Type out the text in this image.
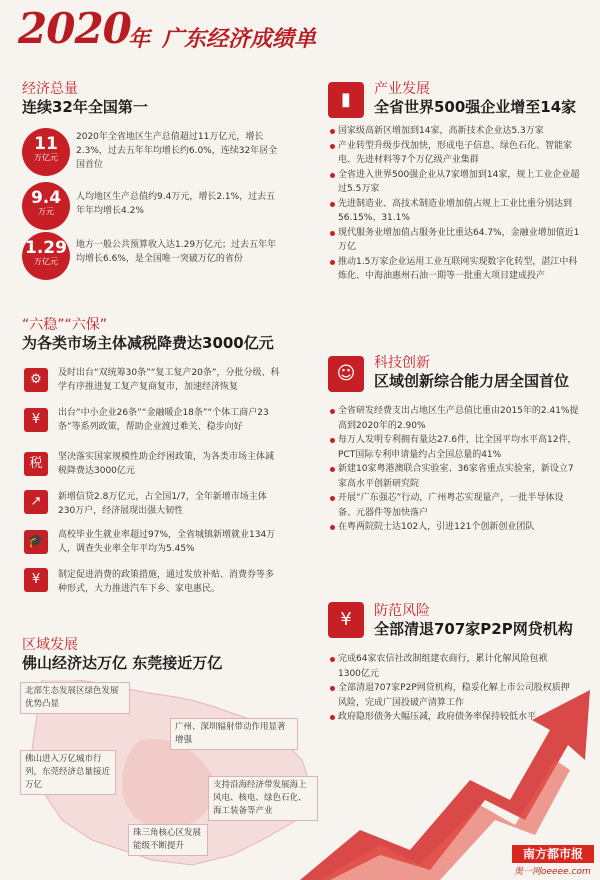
2020
年 广东经济成绩单
经济总量
连续32年全国第一
11
万亿元
2020年全省地区生产总值超过11万亿元，增长2.3%，过去五年年均增长约6.0%，连续32年居全国首位
9.4
万元
人均地区生产总值约9.4万元，增长2.1%，过去五年年均增长4.2%
1.29
万亿元
地方一般公共预算收入达1.29万亿元；过去五年年均增长6.6%，是全国唯一突破万亿的省份
“六稳”“六保”
为各类市场主体减税降费达3000亿元
⚙	及时出台“双统筹30条”“复工复产20条”，分批分级、科学有序推进复工复产复商复市，加速经济恢复
¥	出台“中小企业26条”“金融暖企18条”“个体工商户23条”等系列政策，帮助企业渡过难关、稳步向好
税	坚决落实国家规模性助企纾困政策，为各类市场主体减税降费达3000亿元
↗	新增信贷2.8万亿元，占全国1/7，全年新增市场主体230万户，经济展现出强大韧性
🎓	高校毕业生就业率超过97%，全省城镇新增就业134万人，调查失业率全年平均为5.45%
¥	制定促进消费的政策措施，通过发放补贴、消费券等多种形式，大力推进汽车下乡、家电惠民。
区域发展
佛山经济达万亿 东莞接近万亿
北部生态发展区绿色发展优势凸显
广州、深圳辐射带动作用显著增强
佛山进入万亿城市行列，东莞经济总量接近万亿	支持沿海经济带发展海上风电、核电、绿色石化、海工装备等产业
珠三角核心区发展能级不断提升
▮	产业发展
全省世界500强企业增至14家
国家级高新区增加到14家，高新技术企业达5.3万家
产业转型升级步伐加快，形成电子信息、绿色石化、智能家电、先进材料等7个万亿级产业集群
全省进入世界500强企业从7家增加到14家，规上工业企业超过5.5万家
先进制造业、高技术制造业增加值占规上工业比重分别达到56.15%、31.1%
现代服务业增加值占服务业比重达64.7%，金融业增加值近1万亿
推动1.5万家企业运用工业互联网实现数字化转型，湛江中科炼化、中海油惠州石油一期等一批重大项目建成投产
☺	科技创新
区域创新综合能力居全国首位
全省研发经费支出占地区生产总值比重由2015年的2.41%提高到2020年的2.90%
每万人发明专利拥有量达27.6件，比全国平均水平高12件，PCT国际专利申请量约占全国总量的41%
新建10家粤港澳联合实验室、36家省重点实验室，新设立7家高水平创新研究院
开展“广东强芯”行动，广州粤芯实现量产，一批半导体设备、元器件等加快落户
在粤两院院士达102人，引进121个创新创业团队
¥	防范风险
全部清退707家P2P网贷机构
完成64家农信社改制组建农商行，累计化解风险包袱1300亿元
全部清退707家P2P网贷机构，稳妥化解上市公司股权质押风险，完成广国投破产清算工作
政府隐形债务大幅压减，政府债务率保持较低水平
南方都市报
奥一网oeeee.com
